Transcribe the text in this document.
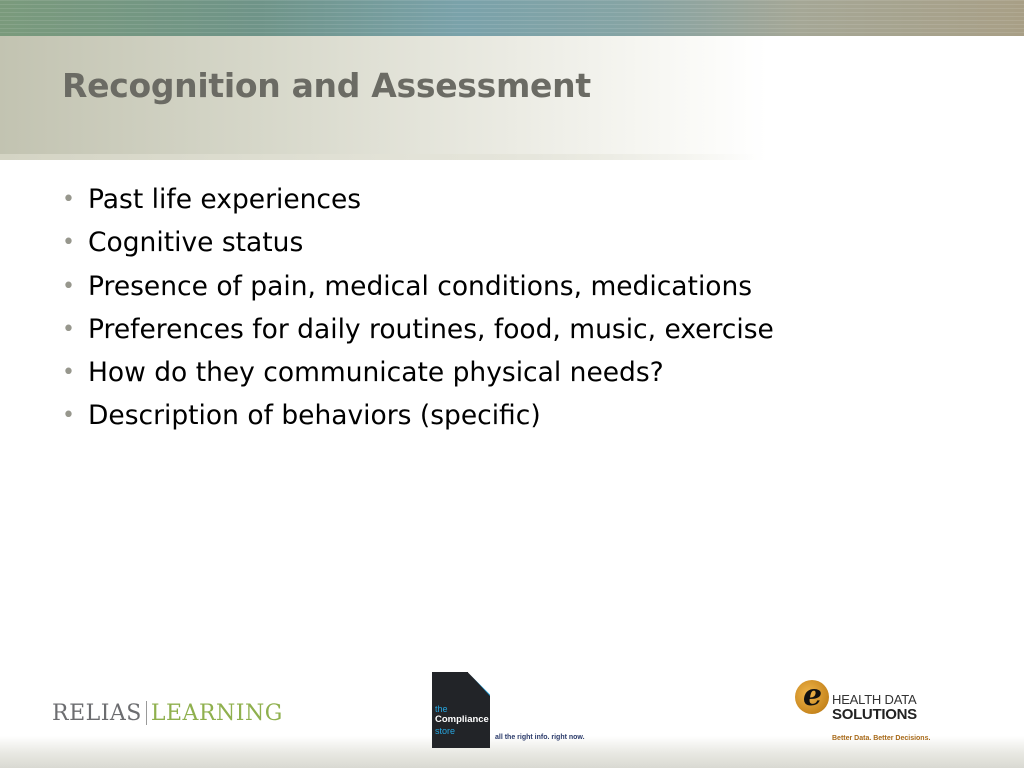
Recognition and Assessment
• Past life experiences
• Cognitive status
• Presence of pain, medical conditions, medications
• Preferences for daily routines, food, music, exercise
• How do they communicate physical needs?
• Description of behaviors (specific)
RELIAS LEARNING	the
Compliance
store
all the right info. right now.
e HEALTH DATA
SOLUTIONS
Better Data. Better Decisions.
